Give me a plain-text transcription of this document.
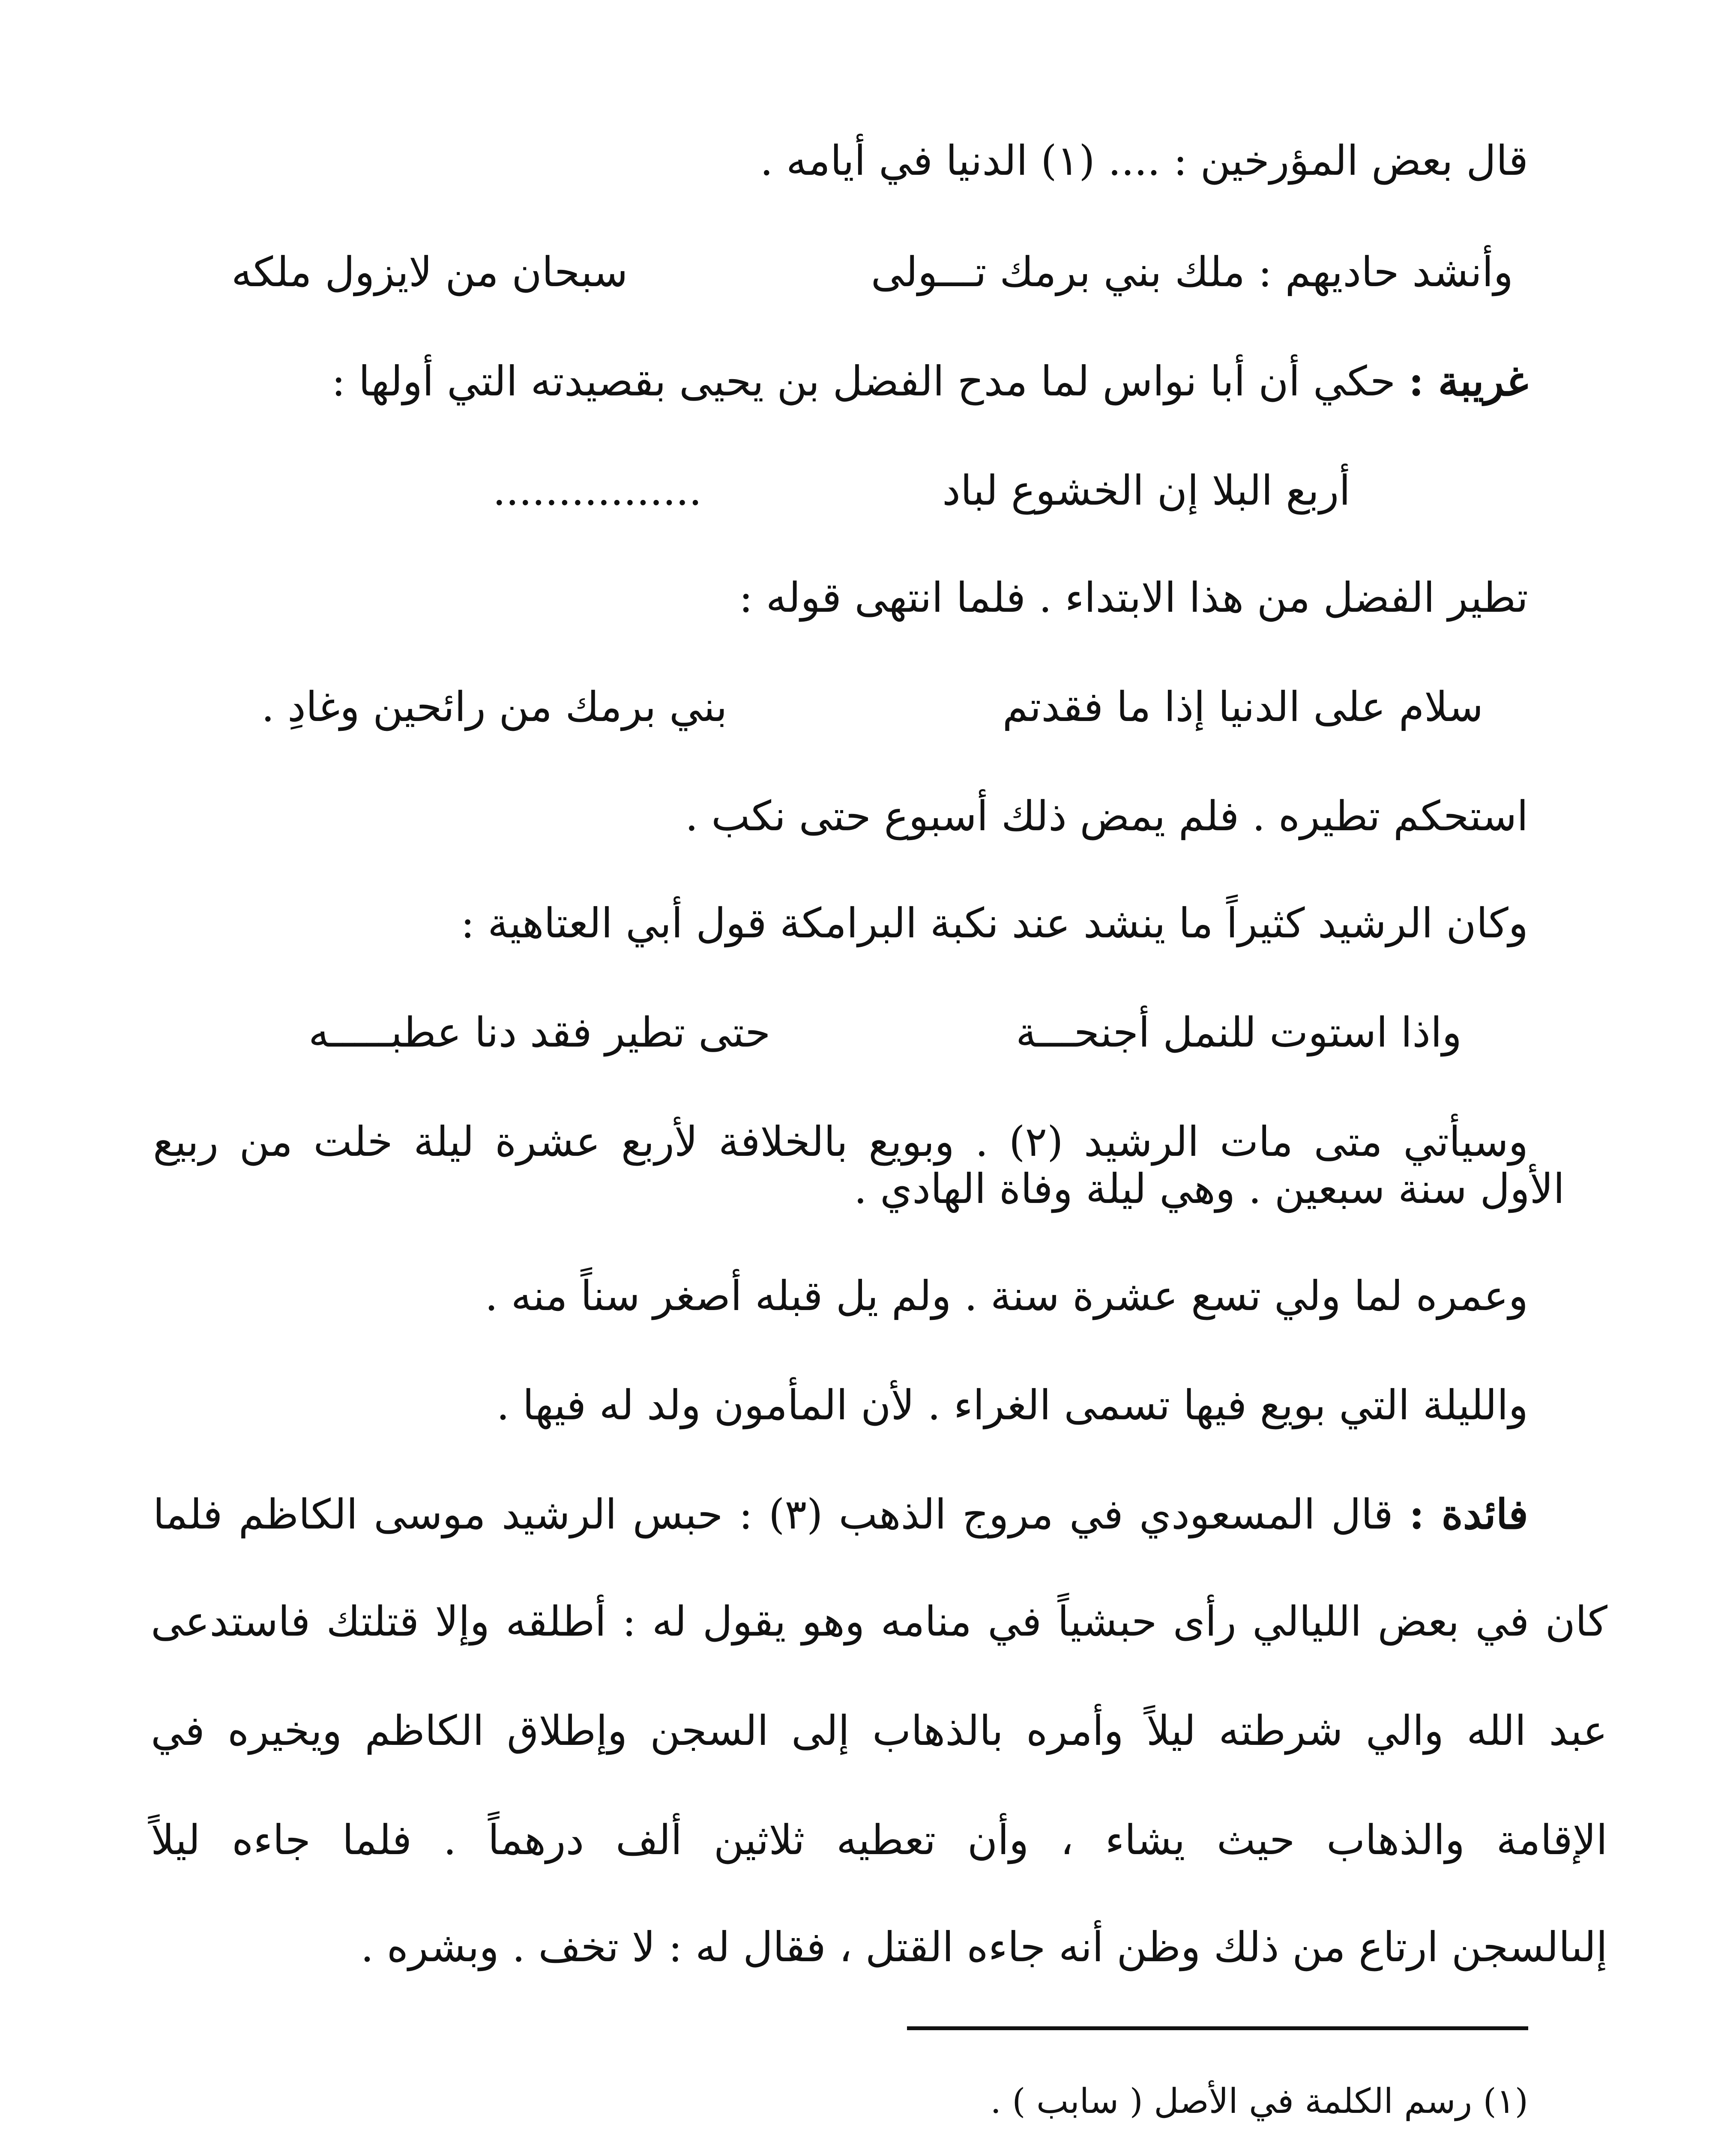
قال بعض المؤرخين : .... (١) الدنيا في أيامه .
وأنشد حاديهم : ملك بني برمك تـــولى
سبحان من لايزول ملكه
غريبة : حكي أن أبا نواس لما مدح الفضل بن يحيى بقصيدته التي أولها :
أربع البلا إن الخشوع لباد
................
تطير الفضل من هذا الابتداء . فلما انتهى قوله :
سلام على الدنيا إذا ما فقدتم
بني برمك من رائحين وغادِ .
استحكم تطيره . فلم يمض ذلك أسبوع حتى نكب .
وكان الرشيد كثيراً ما ينشد عند نكبة البرامكة قول أبي العتاهية :
واذا استوت للنمل أجنحـــة
حتى تطير فقد دنا عطبـــــه
وسيأتي متى مات الرشيد (٢) . وبويع بالخلافة لأربع عشرة ليلة خلت من ربيع
الأول سنة سبعين . وهي ليلة وفاة الهادي .
وعمره لما ولي تسع عشرة سنة . ولم يل قبله أصغر سناً منه .
والليلة التي بويع فيها تسمى الغراء . لأن المأمون ولد له فيها .
فائدة : قال المسعودي في مروج الذهب (٣) : حبس الرشيد موسى الكاظم فلما
كان في بعض الليالي رأى حبشياً في منامه وهو يقول له : أطلقه وإلا قتلتك فاستدعى
عبد الله والي شرطته ليلاً وأمره بالذهاب إلى السجن وإطلاق الكاظم ويخيره في
الإقامة والذهاب حيث يشاء ، وأن تعطيه ثلاثين ألف درهماً . فلما جاءه ليلاً
إلىالسجن ارتاع من ذلك وظن أنه جاءه القتل ، فقال له : لا تخف . وبشره .
(١) رسم الكلمة في الأصل ( سابب ) .
